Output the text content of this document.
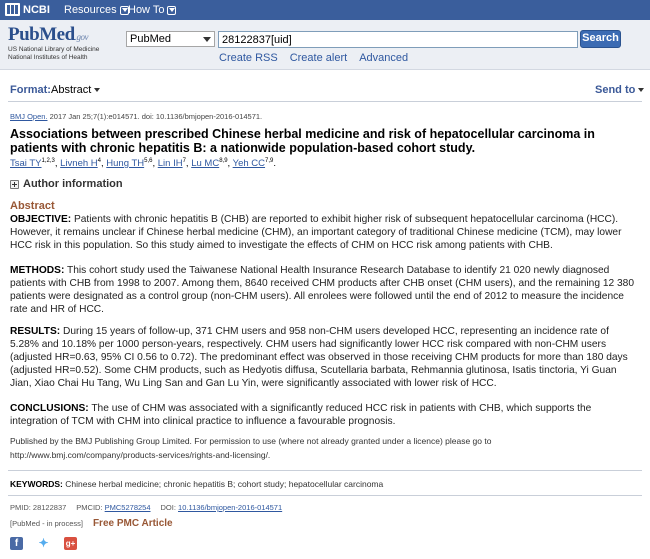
NCBI Resources How To
PubMed.gov
US National Library of Medicine
National Institutes of Health
PubMed
28122837[uid]	Search
Create RSS Create alert Advanced
Format: Abstract	Send to
BMJ Open. 2017 Jan 25;7(1):e014571. doi: 10.1136/bmjopen-2016-014571.
Associations between prescribed Chinese herbal medicine and risk of hepatocellular carcinoma in patients with chronic hepatitis B: a nationwide population-based cohort study.
Tsai TY$^{1,2,3}$, Livneh $H^4$, Hung TH$^{5,6}$, Lin $IH^7$, Lu MC$^{8,9}$, Yeh CC$^{7,9}$.
Author information
Abstract
OBJECTIVE: Patients with chronic hepatitis B (CHB) are reported to exhibit higher risk of subsequent hepatocellular carcinoma (HCC). However, it remains unclear if Chinese herbal medicine (CHM), an important category of traditional Chinese medicine (TCM), may lower HCC risk in this population. So this study aimed to investigate the effects of CHM on HCC risk among patients with CHB.
METHODS: This cohort study used the Taiwanese National Health Insurance Research Database to identify 21 020 newly diagnosed patients with CHB from 1998 to 2007. Among them, 8640 received CHM products after CHB onset (CHM users), and the remaining 12 380 patients were designated as a control group (non-CHM users). All enrolees were followed until the end of 2012 to measure the incidence rate and HR of HCC.
RESULTS: During 15 years of follow-up, 371 CHM users and 958 non-CHM users developed HCC, representing an incidence rate of 5.28% and 10.18% per 1000 person-years, respectively. CHM users had significantly lower HCC risk compared with non-CHM users (adjusted HR=0.63, 95% CI 0.56 to 0.72). The predominant effect was observed in those receiving CHM products for more than 180 days (adjusted HR=0.52). Some CHM products, such as Hedyotis diffusa, Scutellaria barbata, Rehmannia glutinosa, Isatis tinctoria, Yi Guan Jian, Xiao Chai Hu Tang, Wu Ling San and Gan Lu Yin, were significantly associated with lower risk of HCC.
CONCLUSIONS: The use of CHM was associated with a significantly reduced HCC risk in patients with CHB, which supports the integration of TCM with CHM into clinical practice to influence a favourable prognosis.
Published by the BMJ Publishing Group Limited. For permission to use (where not already granted under a licence) please go to http://www.bmj.com/company/products-services/rights-and-licensing/.
KEYWORDS: Chinese herbal medicine; chronic hepatitis B; cohort study; hepatocellular carcinoma
PMID: 28122837 PMCID: PMC5278254 DOI: 10.1136/bmjopen-2016-014571
[PubMed - in process] Free PMC Article
f	✦ g+
